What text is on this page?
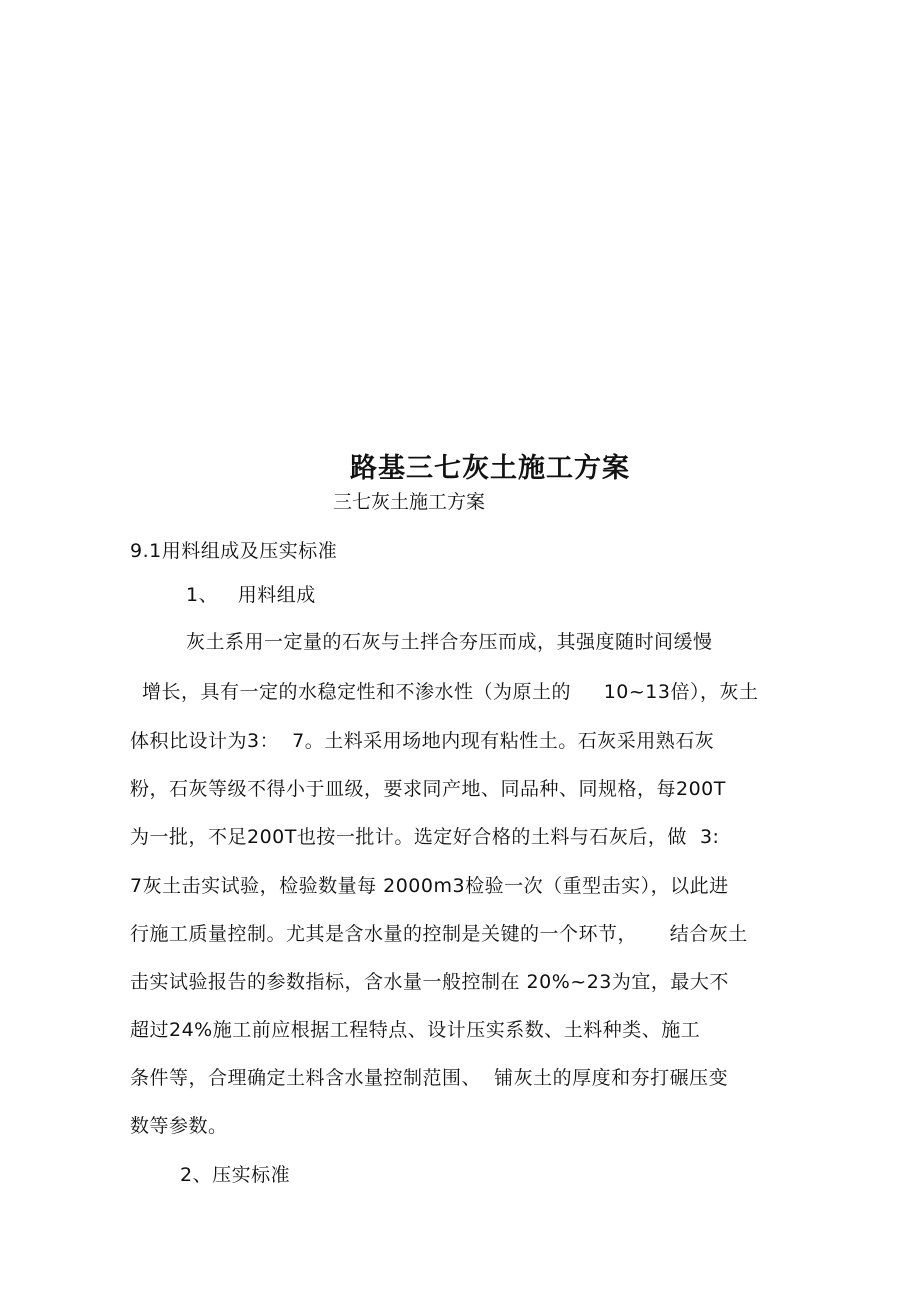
路基三七灰土施工方案
三七灰土施工方案
9.1用料组成及压实标准
1、   用料组成
灰土系用一定量的石灰与土拌合夯压而成，其强度随时间缓慢
增长，具有一定的水稳定性和不渗水性（为原土的     10~13倍），灰土
体积比设计为3：  7。土料采用场地内现有粘性土。石灰采用熟石灰
粉，石灰等级不得小于皿级，要求同产地、同品种、同规格，每200T
为一批，不足200T也按一批计。选定好合格的土料与石灰后，做  3:
7灰土击实试验，检验数量每 2000m3检验一次（重型击实），以此进
行施工质量控制。尤其是含水量的控制是关键的一个环节，     结合灰土
击实试验报告的参数指标，含水量一般控制在 20%~23为宜，最大不
超过24%施工前应根据工程特点、设计压实系数、土料种类、施工
条件等，合理确定土料含水量控制范围、  铺灰土的厚度和夯打碾压变
数等参数。
2、压实标准
